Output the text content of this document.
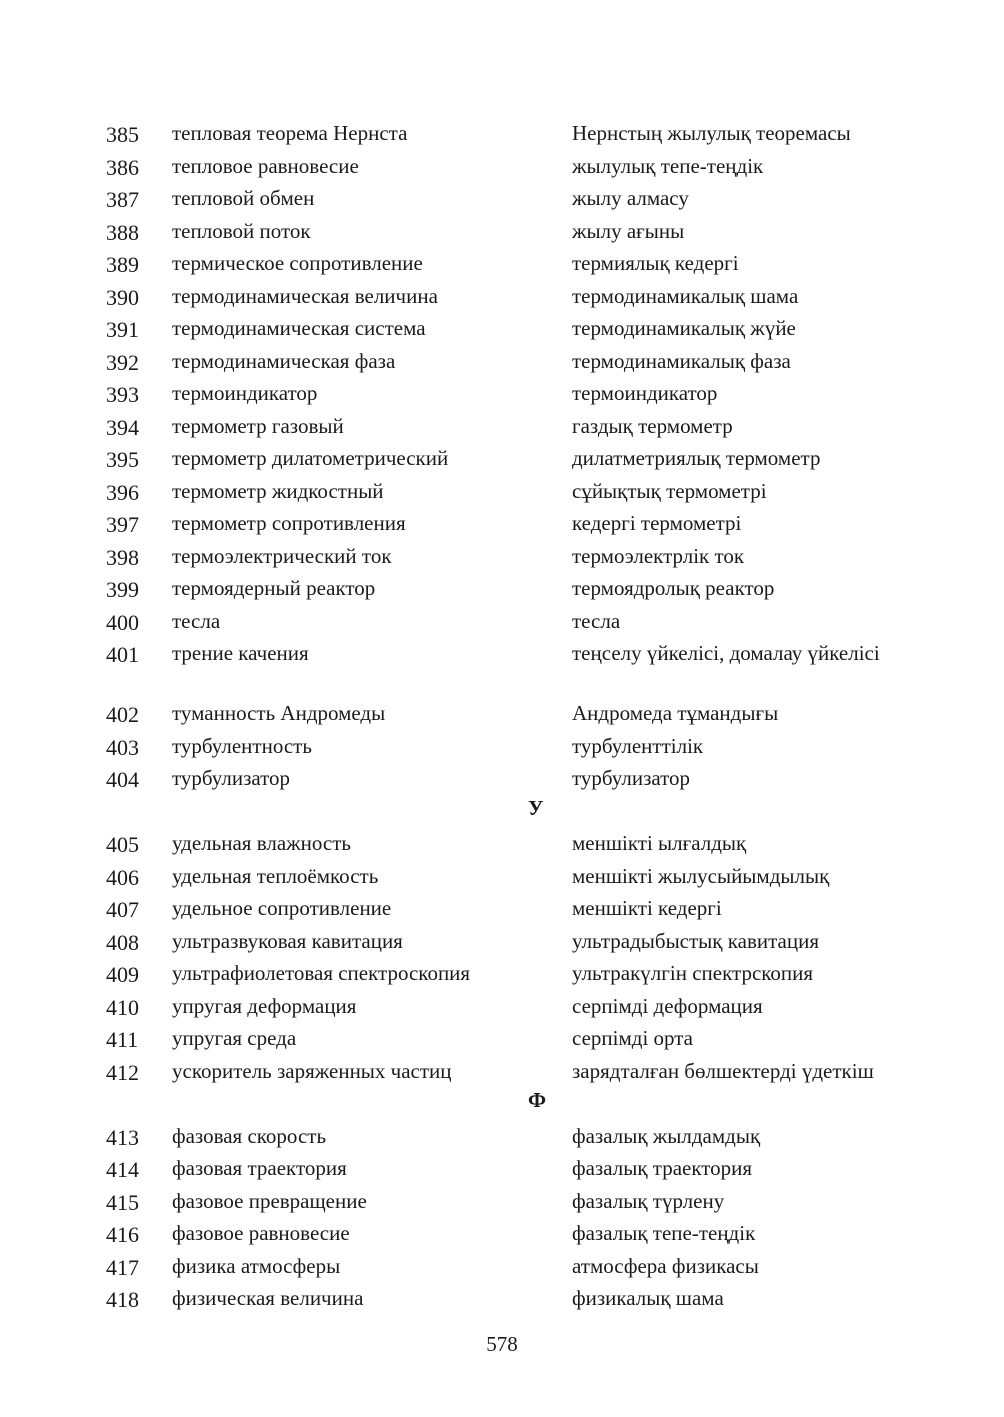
385 тепловая теорема Нернста	Нернстың жылулық теоремасы
386 тепловое равновесие	жылулық тепе-теңдік
387 тепловой обмен	жылу алмасу
388 тепловой поток	жылу ағыны
389 термическое сопротивление	термиялық кедергі
390 термодинамическая величина	термодинамикалық шама
391 термодинамическая система	термодинамикалық жүйе
392 термодинамическая фаза	термодинамикалық фаза
393 термоиндикатор	термоиндикатор
394 термометр газовый	газдық термометр
395 термометр дилатометрический	дилатметриялық термометр
396 термометр жидкостный	сұйықтық термометрі
397 термометр сопротивления	кедергі термометрі
398 термоэлектрический ток	термоэлектрлік ток
399 термоядерный реактор	термоядролық реактор
400 тесла	тесла
401 трение качения	теңселу үйкелісі, домалау үйкелісі
402 туманность Андромеды	Андромеда тұмандығы
403 турбулентность	турбуленттілік
404 турбулизатор	турбулизатор
У
405 удельная влажность	меншікті ылғалдық
406 удельная теплоёмкость	меншікті жылусыйымдылық
407 удельное сопротивление	меншікті кедергі
408 ультразвуковая кавитация	ультрадыбыстық кавитация
409 ультрафиолетовая спектроскопия	ультракүлгін спектрскопия
410 упругая деформация	серпімді деформация
411 упругая среда	серпімді орта
412 ускоритель заряженных частиц	зарядталған бөлшектерді үдеткіш
Ф
413 фазовая скорость	фазалық жылдамдық
414 фазовая траектория	фазалық траектория
415 фазовое превращение	фазалық түрлену
416 фазовое равновесие	фазалық тепе-теңдік
417 физика атмосферы	атмосфера физикасы
418 физическая величина	физикалық шама
578
